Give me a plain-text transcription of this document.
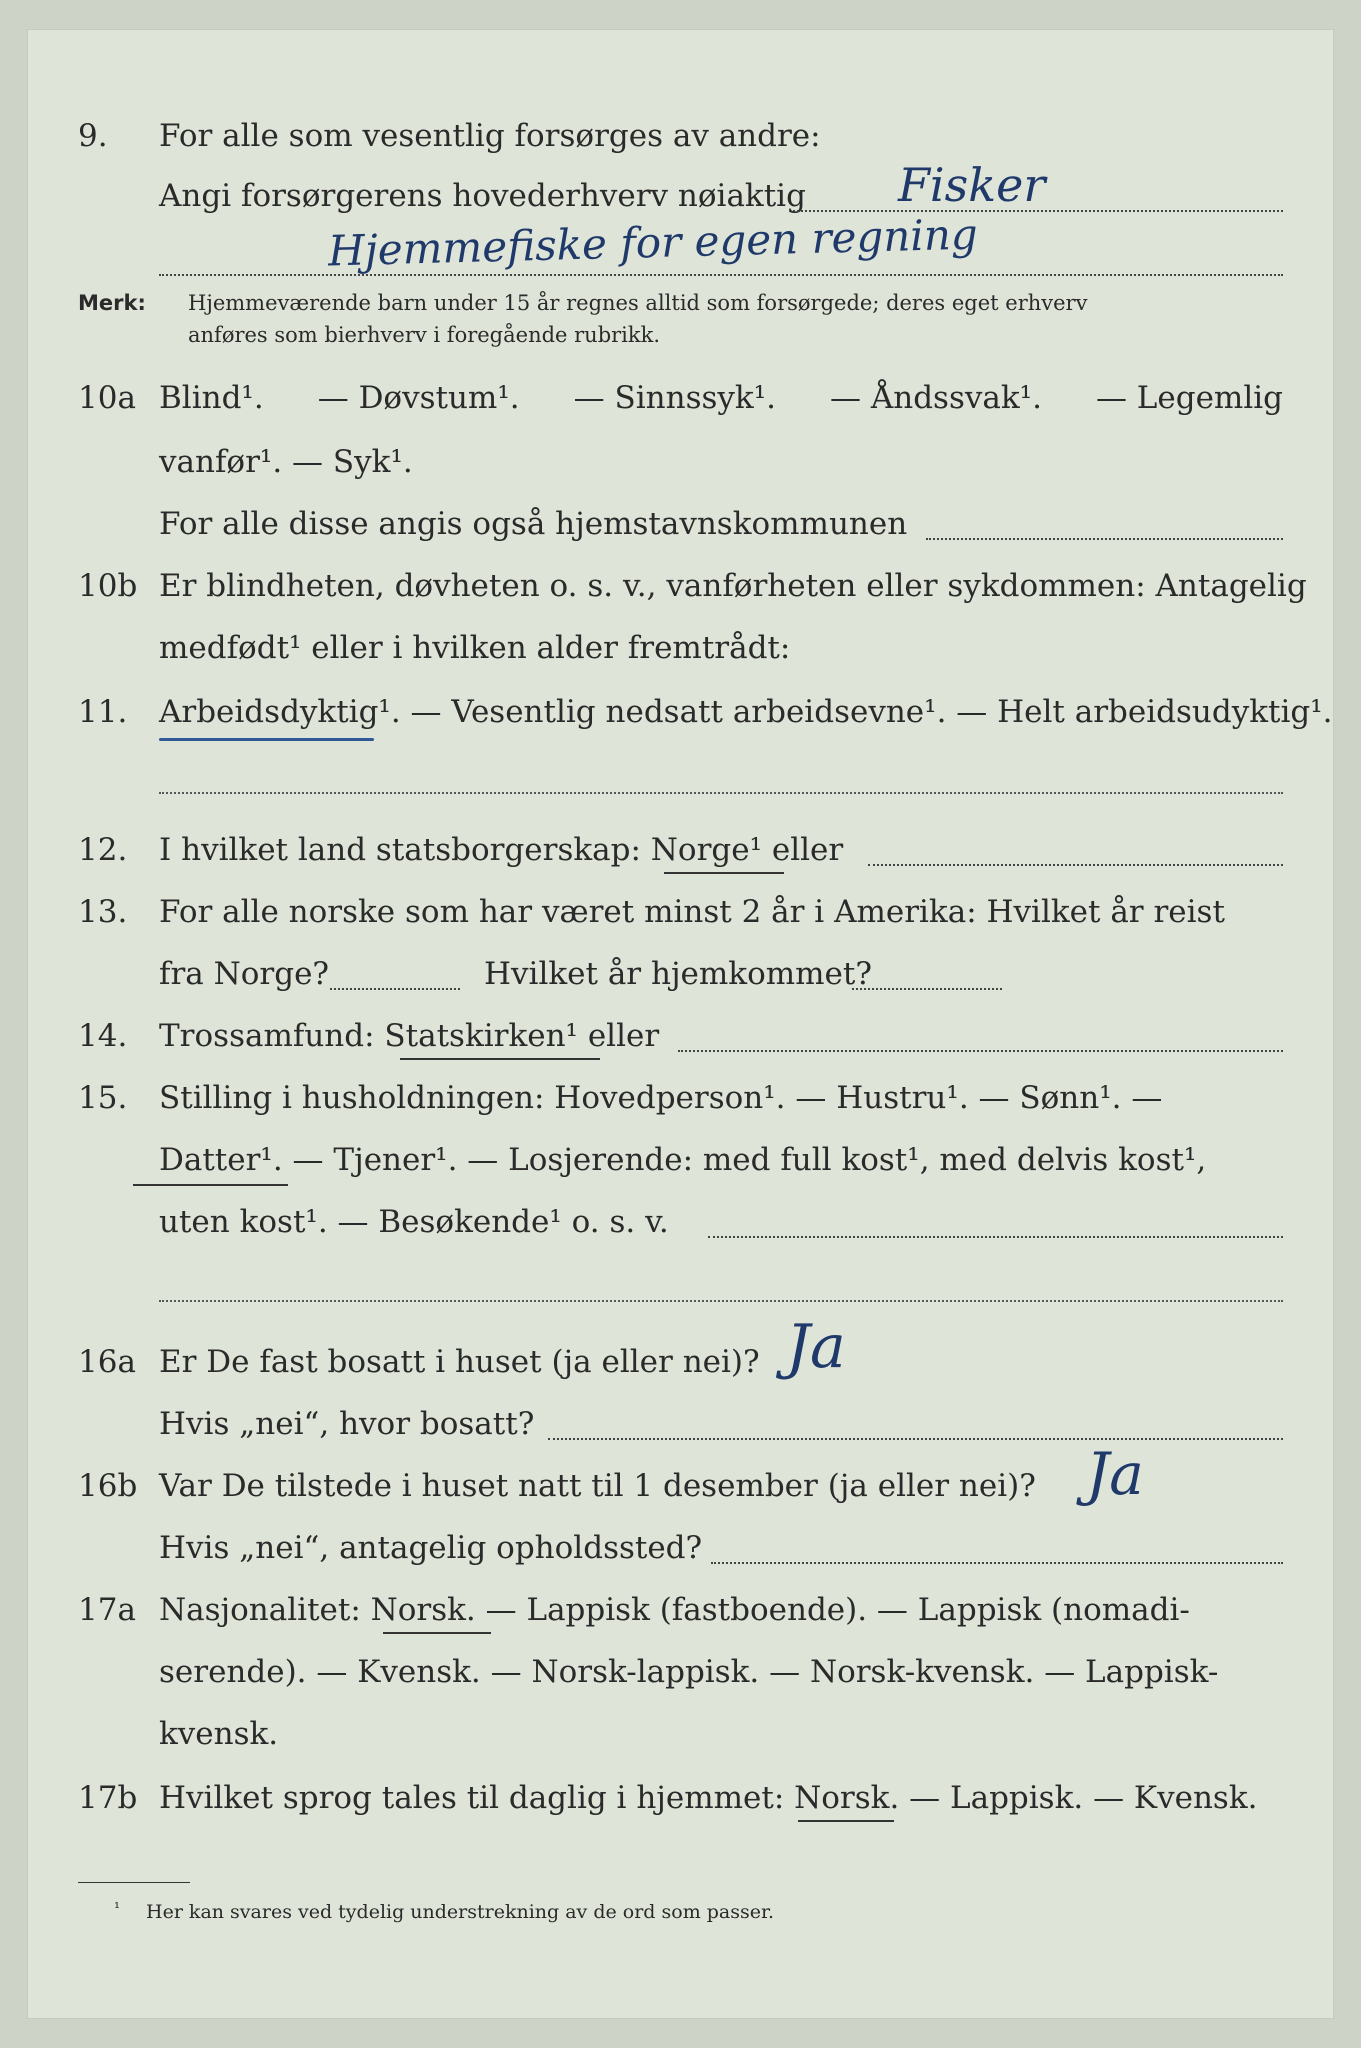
9. For alle som vesentlig forsørges av andre:
Angi forsørgerens hovederhverv nøiaktig Fisker
Hjemmefiske for egen regning
Merk: Hjemmeværende barn under 15 år regnes alltid som forsørgede; deres eget erhverv
anføres som bierhverv i foregående rubrikk.
10a Blind¹. — Døvstum¹. — Sinnssyk¹. — Åndssvak¹. — Legemlig
vanfør¹. — Syk¹.
For alle disse angis også hjemstavnskommunen
10b Er blindheten, døvheten o. s. v., vanførheten eller sykdommen: Antagelig
medfødt¹ eller i hvilken alder fremtrådt:
11. Arbeidsdyktig¹. — Vesentlig nedsatt arbeidsevne¹. — Helt arbeidsudyktig¹.
12. I hvilket land statsborgerskap: Norge¹ eller
13. For alle norske som har været minst 2 år i Amerika: Hvilket år reist
fra Norge?	Hvilket år hjemkommet?
14. Trossamfund: Statskirken¹ eller
15. Stilling i husholdningen: Hovedperson¹. — Hustru¹. — Sønn¹. —
Datter¹. — Tjener¹. — Losjerende: med full kost¹, med delvis kost¹,
uten kost¹. — Besøkende¹ o. s. v.
16a Er De fast bosatt i huset (ja eller nei)? Ja
Hvis „nei“, hvor bosatt?
16b Var De tilstede i huset natt til 1 desember (ja eller nei)? Ja
Hvis „nei“, antagelig opholdssted?
17a Nasjonalitet: Norsk. — Lappisk (fastboende). — Lappisk (nomadi-
serende). — Kvensk. — Norsk-lappisk. — Norsk-kvensk. — Lappisk-
kvensk.
17b Hvilket sprog tales til daglig i hjemmet: Norsk. — Lappisk. — Kvensk.
¹ Her kan svares ved tydelig understrekning av de ord som passer.
